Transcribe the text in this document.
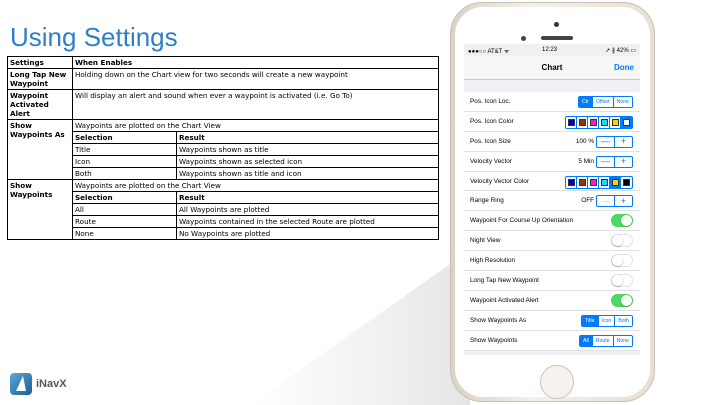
Using Settings
Settings	When Enables	
Long Tap New Waypoint	Holding down on the Chart view for two seconds will create a new waypoint	
Waypoint Activated Alert	Will display an alert and sound when ever a waypoint is activated (i.e. Go To)	
Show Waypoints As	Waypoints are plotted on the Chart View	
	Selection	Result
	Title	Waypoints shown as title
	Icon	Waypoints shown as selected icon
	Both	Waypoints shown as title and icon
Show Waypoints	Waypoints are plotted on the Chart View	
	Selection	Result
	All	All Waypoints are plotted
	Route	Waypoints contained in the selected Route are plotted
	None	No Waypoints are plotted
iNavX
●●●○○ AT&T ᯤ	12:23	➚ ∦ 42% ▭
Chart	Done
Pos. Icon Loc.	Ctr	Offset	None
Pos. Icon Color
Pos. Icon Size	100 % —	+
Velocity Vector	5 Min —	+
Velocity Vector Color
Range Ring	OFF —	+
Waypoint For Course Up Orientation
Night View
High Resolution
Long Tap New Waypoint
Waypoint Activated Alert
Show Waypoints As	Title	Icon	Both
Show Waypoints	All	Route	None
